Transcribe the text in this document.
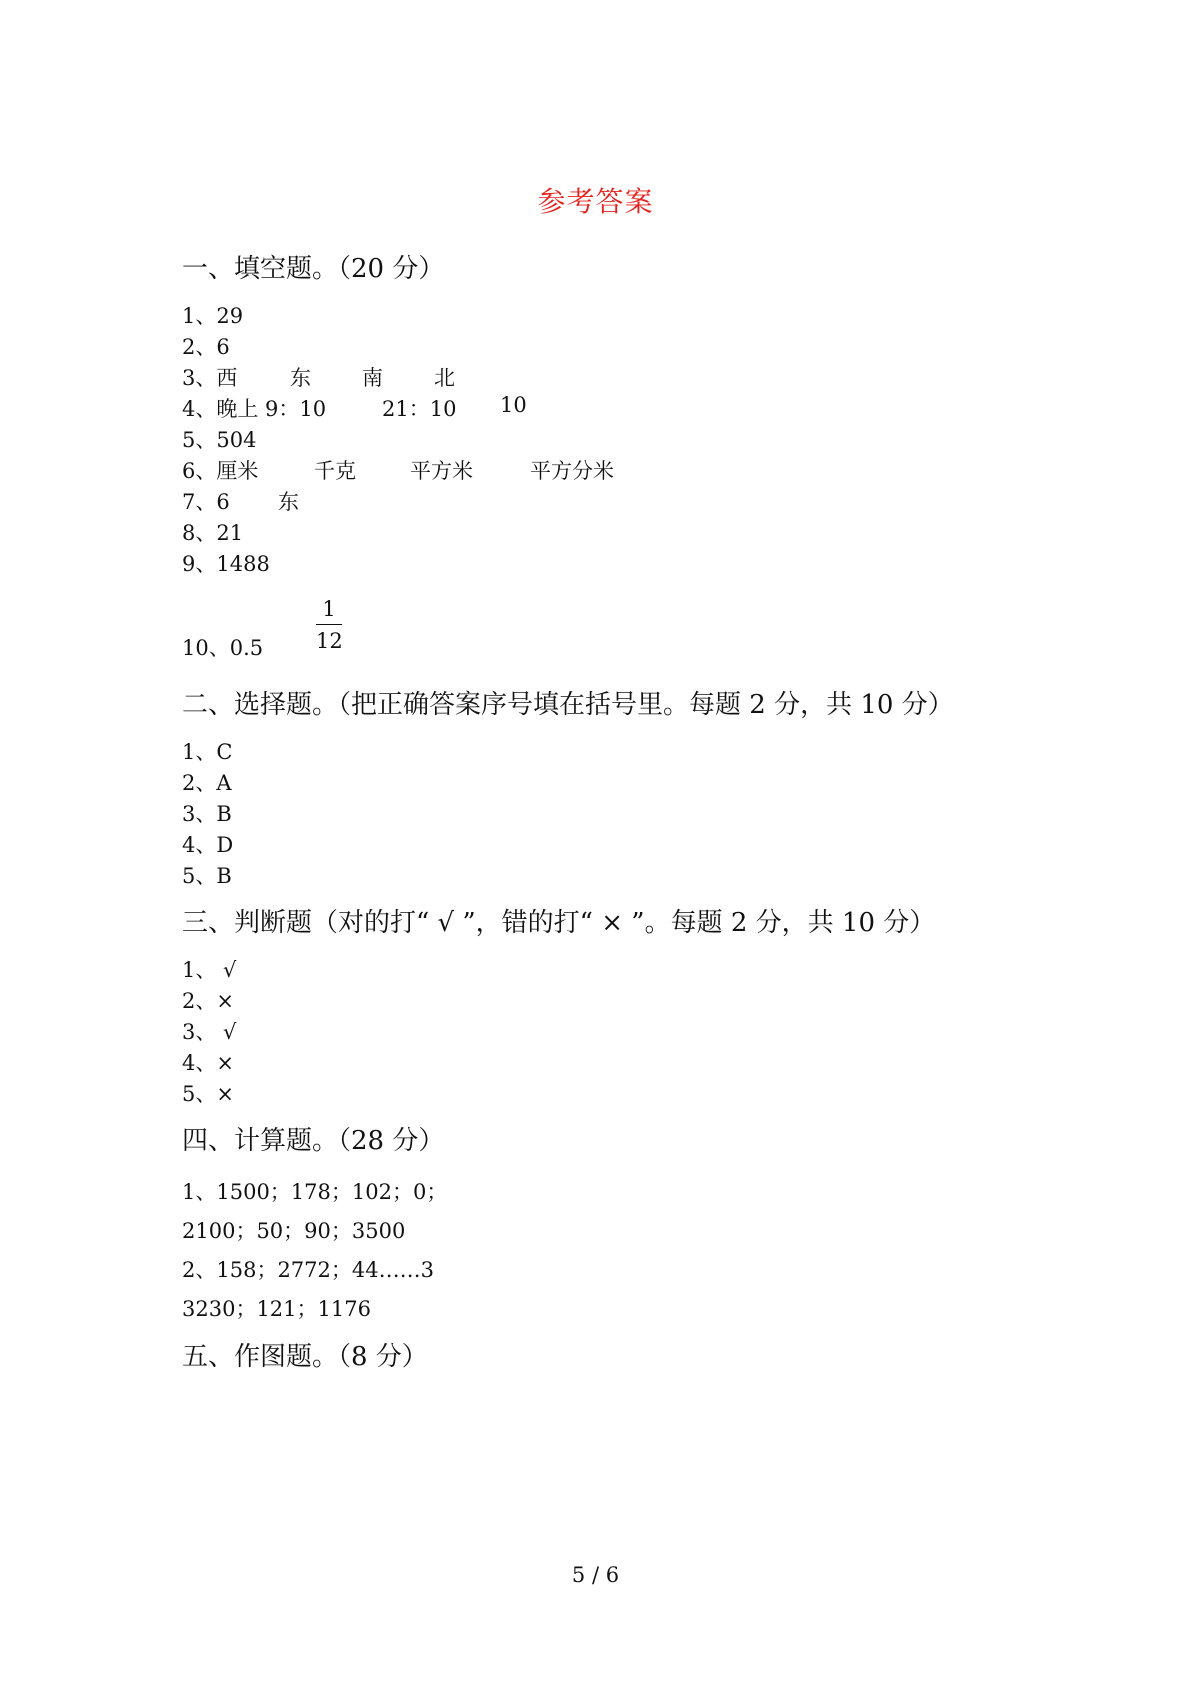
参考答案
一、填空题。（20 分）
1、29
2、6
3、西	东 南 北
4、晚上 9：10	21：10 10
5、504
6、厘米	千克	平方米	平方分米
7、6 东
8、21
9、1488
10、0.5
1
12
二、选择题。（把正确答案序号填在括号里。每题 2 分，共 10 分）
1、C
2、A
3、B
4、D
5、B
三、判断题（对的打“ √ ”，错的打“ × ”。每题 2 分，共 10 分）
1、 √
2、×
3、 √
4、×
5、×
四、计算题。（28 分）
1、1500；178；102；0；
2100；50；90；3500
2、158；2772；44……3
3230；121；1176
五、作图题。（8 分）
5 / 6
